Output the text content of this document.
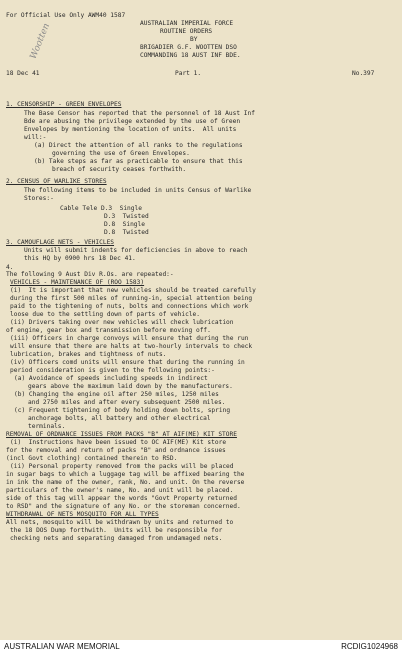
For Official Use Only AWM40 1587
AUSTRALIAN IMPERIAL FORCE
ROUTINE ORDERS
BY
BRIGADIER G.F. WOOTTEN DSO
COMMANDING 18 AUST INF BDE.
18 Dec 41	Part 1.	No.397
Wootten
1. CENSORSHIP - GREEN ENVELOPES
The Base Censor has reported that the personnel of 18 Aust Inf
Bde are abusing the privilege extended by the use of Green
Envelopes by mentioning the location of units.  All units
will:-
(a) Direct the attention of all ranks to the regulations
governing the use of Green Envelopes.
(b) Take steps as far as practicable to ensure that this
breach of security ceases forthwith.
2. CENSUS OF WARLIKE STORES
The following items to be included in units Census of Warlike
Stores:-
Cable Tele D.3  Single
D.3  Twisted
D.8  Single
D.8  Twisted
3. CAMOUFLAGE NETS - VEHICLES
Units will submit indents for deficiencies in above to reach
this HQ by 0900 hrs 18 Dec 41.
4.
The following 9 Aust Div R.Os. are repeated:-
VEHICLES - MAINTENANCE OF (ROO 1583)
(i)  It is important that new vehicles should be treated carefully
during the first 500 miles of running-in, special attention being
paid to the tightening of nuts, bolts and connections which work
loose due to the settling down of parts of vehicle.
(ii) Drivers taking over new vehicles will check lubrication
of engine, gear box and transmission before moving off.
(iii) Officers in charge convoys will ensure that during the run
will ensure that there are halts at two-hourly intervals to check
lubrication, brakes and tightness of nuts.
(iv) Officers comd units will ensure that during the running in
period consideration is given to the following points:-
(a) Avoidance of speeds including speeds in indirect
gears above the maximum laid down by the manufacturers.
(b) Changing the engine oil after 250 miles, 1250 miles
and 2750 miles and after every subsequent 2500 miles.
(c) Frequent tightening of body holding down bolts, spring
anchorage bolts, all battery and other electrical
terminals.
REMOVAL OF ORDNANCE ISSUES FROM PACKS "B" AT AIF(ME) KIT STORE
(i)  Instructions have been issued to OC AIF(ME) Kit store
for the removal and return of packs "B" and ordnance issues
(incl Govt clothing) contained therein to RSD.
(ii) Personal property removed from the packs will be placed
in sugar bags to which a luggage tag will be affixed bearing the
in ink the name of the owner, rank, No. and unit. On the reverse
particulars of the owner's name, No. and unit will be placed.
side of this tag will appear the words "Govt Property returned
to RSD" and the signature of any No. or the storeman concerned.
WITHDRAWAL OF NETS MOSQUITO FOR ALL TYPES
All nets, mosquito will be withdrawn by units and returned to
the 18 DOS Dump forthwith.  Units will be responsible for
checking nets and separating damaged from undamaged nets.
AUSTRALIAN WAR MEMORIAL	RCDIG1024968
